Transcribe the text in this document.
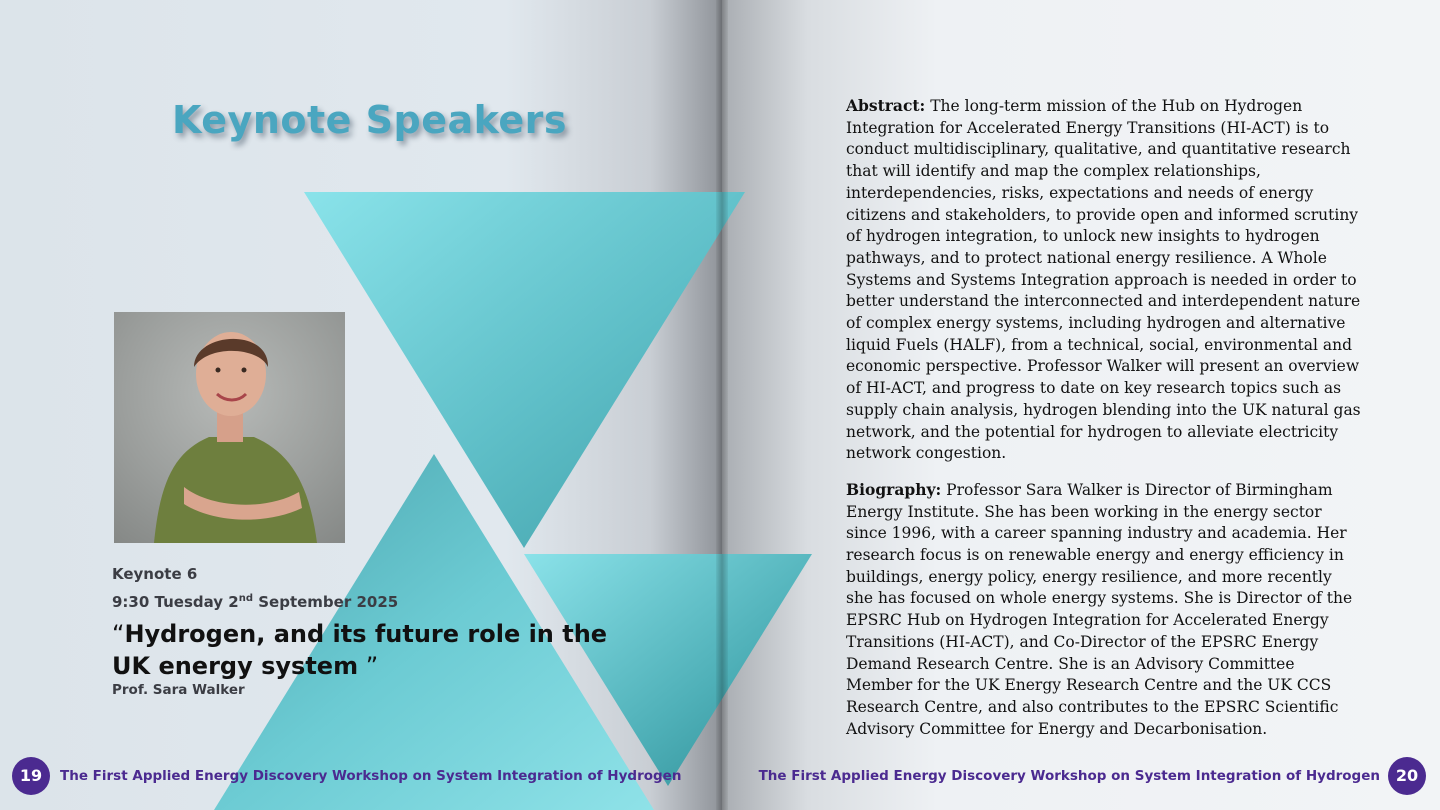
Keynote Speakers

Keynote 6

9:30 Tuesday 2nd September 2025

“Hydrogen, and its future role in the UK energy system ”

Prof. Sara Walker

19	The First Applied Energy Discovery Workshop on System Integration of Hydrogen

Abstract: The long-term mission of the Hub on Hydrogen Integration for Accelerated Energy Transitions (HI-ACT) is to conduct multidisciplinary, qualitative, and quantitative research that will identify and map the complex relationships, interdependencies, risks, expectations and needs of energy citizens and stakeholders, to provide open and informed scrutiny of hydrogen integration, to unlock new insights to hydrogen pathways, and to protect national energy resilience. A Whole Systems and Systems Integration approach is needed in order to better understand the interconnected and interdependent nature of complex energy systems, including hydrogen and alternative liquid Fuels (HALF), from a technical, social, environmental and economic perspective. Professor Walker will present an overview of HI-ACT, and progress to date on key research topics such as supply chain analysis, hydrogen blending into the UK natural gas network, and the potential for hydrogen to alleviate electricity network congestion.

Biography: Professor Sara Walker is Director of Birmingham Energy Institute. She has been working in the energy sector since 1996, with a career spanning industry and academia. Her research focus is on renewable energy and energy efficiency in buildings, energy policy, energy resilience, and more recently she has focused on whole energy systems. She is Director of the EPSRC Hub on Hydrogen Integration for Accelerated Energy Transitions (HI-ACT), and Co-Director of the EPSRC Energy Demand Research Centre. She is an Advisory Committee Member for the UK Energy Research Centre and the UK CCS Research Centre, and also contributes to the EPSRC Scientific Advisory Committee for Energy and Decarbonisation.

The First Applied Energy Discovery Workshop on System Integration of Hydrogen 20
